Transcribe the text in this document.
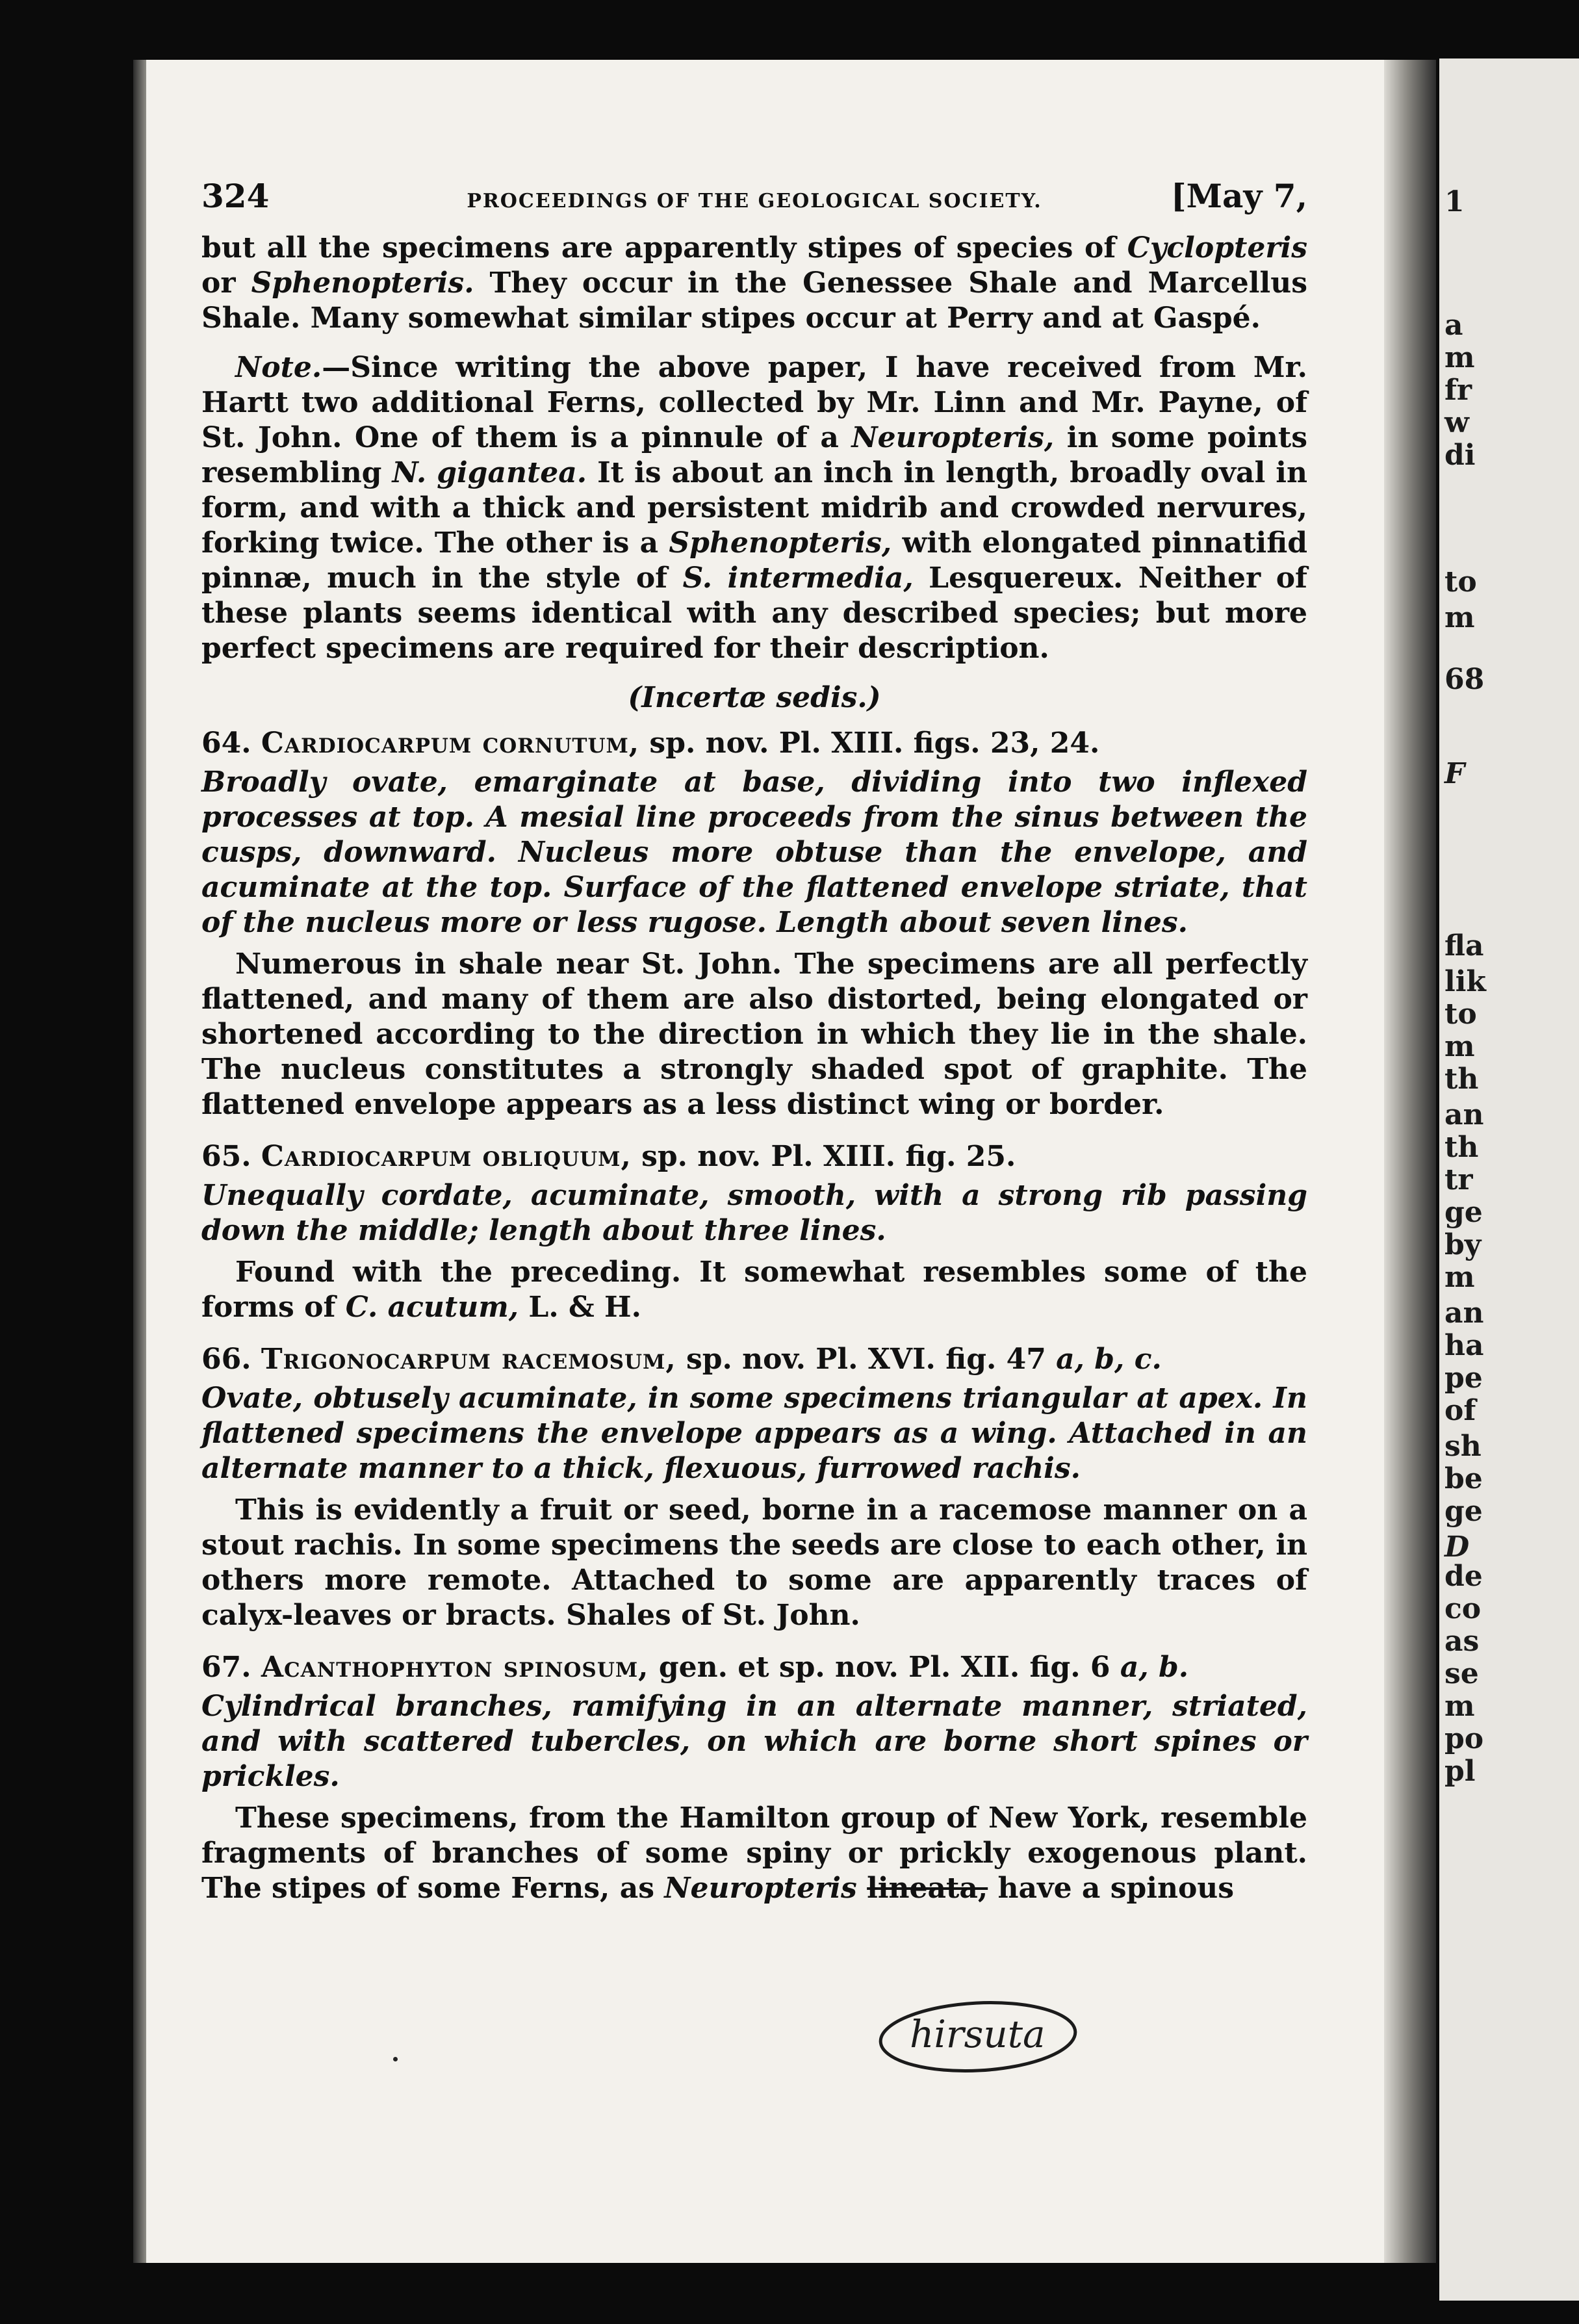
1
a
m
fr
w
di
to
m
68
F
fla
lik
to
m
th
an
th
tr
ge
by
m
an
ha
pe
of
sh
be
ge
D
de
co
as
se
m
po
pl
324	PROCEEDINGS OF THE GEOLOGICAL SOCIETY.	[May 7,

but all the specimens are apparently stipes of species of Cyclopteris or Sphenopteris. They occur in the Genessee Shale and Marcellus Shale. Many somewhat similar stipes occur at Perry and at Gaspé.

Note.—Since writing the above paper, I have received from Mr. Hartt two additional Ferns, collected by Mr. Linn and Mr. Payne, of St. John. One of them is a pinnule of a Neuropteris, in some points resembling N. gigantea. It is about an inch in length, broadly oval in form, and with a thick and persistent midrib and crowded nervures, forking twice. The other is a Sphenopteris, with elongated pinnatifid pinnæ, much in the style of S. intermedia, Lesquereux. Neither of these plants seems identical with any described species; but more perfect specimens are required for their description.

(Incertæ sedis.)

64. Cardiocarpum cornutum, sp. nov. Pl. XIII. figs. 23, 24.

Broadly ovate, emarginate at base, dividing into two inflexed processes at top. A mesial line proceeds from the sinus between the cusps, downward. Nucleus more obtuse than the envelope, and acuminate at the top. Surface of the flattened envelope striate, that of the nucleus more or less rugose. Length about seven lines.

Numerous in shale near St. John. The specimens are all perfectly flattened, and many of them are also distorted, being elongated or shortened according to the direction in which they lie in the shale. The nucleus constitutes a strongly shaded spot of graphite. The flattened envelope appears as a less distinct wing or border.

65. Cardiocarpum obliquum, sp. nov. Pl. XIII. fig. 25.

Unequally cordate, acuminate, smooth, with a strong rib passing down the middle; length about three lines.

Found with the preceding. It somewhat resembles some of the forms of C. acutum, L. & H.

66. Trigonocarpum racemosum, sp. nov. Pl. XVI. fig. 47 a, b, c.

Ovate, obtusely acuminate, in some specimens triangular at apex. In flattened specimens the envelope appears as a wing. Attached in an alternate manner to a thick, flexuous, furrowed rachis.

This is evidently a fruit or seed, borne in a racemose manner on a stout rachis. In some specimens the seeds are close to each other, in others more remote. Attached to some are apparently traces of calyx-leaves or bracts. Shales of St. John.

67. Acanthophyton spinosum, gen. et sp. nov. Pl. XII. fig. 6 a, b.

Cylindrical branches, ramifying in an alternate manner, striated, and with scattered tubercles, on which are borne short spines or prickles.

These specimens, from the Hamilton group of New York, resemble fragments of branches of some spiny or prickly exogenous plant. The stipes of some Ferns, as Neuropteris lineata, have a spinous

hirsuta
